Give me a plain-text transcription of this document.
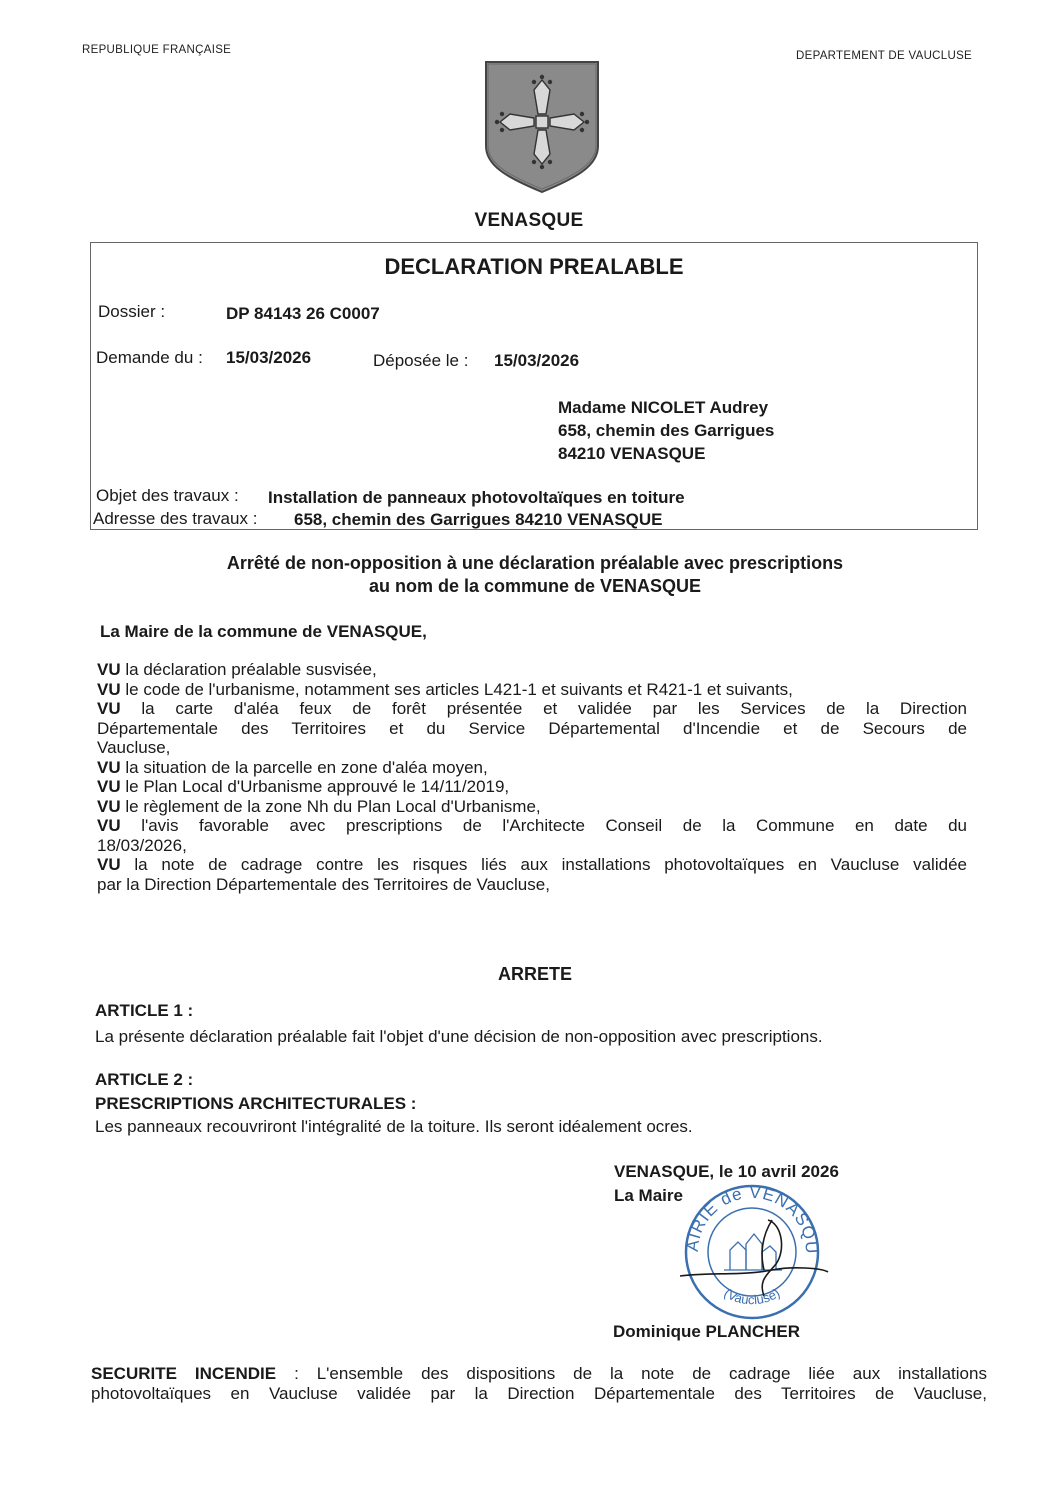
REPUBLIQUE FRANÇAISE	DEPARTEMENT DE VAUCLUSE
VENASQUE
DECLARATION PREALABLE
Dossier :	DP 84143 26 C0007
Demande du : 15/03/2026	Déposée le : 15/03/2026
Madame NICOLET Audrey
658, chemin des Garrigues
84210 VENASQUE
Objet des travaux : Installation de panneaux photovoltaïques en toiture
Adresse des travaux : 658, chemin des Garrigues 84210 VENASQUE
Arrêté de non-opposition à une déclaration préalable avec prescriptions
au nom de la commune de VENASQUE
La Maire de la commune de VENASQUE,
VU la déclaration préalable susvisée,
VU le code de l'urbanisme, notamment ses articles L421-1 et suivants et R421-1 et suivants,
VU la carte d'aléa feux de forêt présentée et validée par les Services de la Direction
Départementale des Territoires et du Service Départemental d'Incendie et de Secours de
Vaucluse,
VU la situation de la parcelle en zone d'aléa moyen,
VU le Plan Local d'Urbanisme approuvé le 14/11/2019,
VU le règlement de la zone Nh du Plan Local d'Urbanisme,
VU l'avis favorable avec prescriptions de l'Architecte Conseil de la Commune en date du
18/03/2026,
VU la note de cadrage contre les risques liés aux installations photovoltaïques en Vaucluse validée
par la Direction Départementale des Territoires de Vaucluse,
ARRETE
ARTICLE 1 :
La présente déclaration préalable fait l'objet d'une décision de non-opposition avec prescriptions.
ARTICLE 2 :
PRESCRIPTIONS ARCHITECTURALES :
Les panneaux recouvriront l'intégralité de la toiture. Ils seront idéalement ocres.
VENASQUE, le 10 avril 2026
La Maire
AIRIE de VENASQU
(Vaucluse)
Dominique PLANCHER
SECURITE INCENDIE : L'ensemble des dispositions de la note de cadrage liée aux installations
photovoltaïques en Vaucluse validée par la Direction Départementale des Territoires de Vaucluse,
